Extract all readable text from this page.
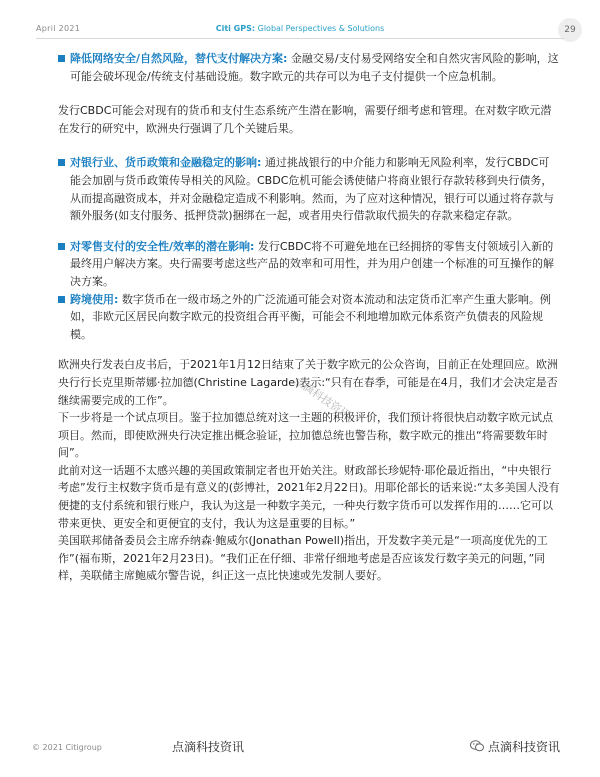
April 2021	Citi GPS: Global Perspectives & Solutions	29
降低网络安全/自然风险，替代支付解决方案: 金融交易/支付易受网络安全和自然灾害风险的影响，这可能会破坏现金/传统支付基础设施。数字欧元的共存可以为电子支付提供一个应急机制。
发行CBDC可能会对现有的货币和支付生态系统产生潜在影响，需要仔细考虑和管理。在对数字欧元潜在发行的研究中，欧洲央行强调了几个关键后果。
对银行业、货币政策和金融稳定的影响: 通过挑战银行的中介能力和影响无风险利率，发行CBDC可能会加剧与货币政策传导相关的风险。CBDC危机可能会诱使储户将商业银行存款转移到央行债务，从而提高融资成本，并对金融稳定造成不利影响。然而，为了应对这种情况，银行可以通过将存款与额外服务(如支付服务、抵押贷款)捆绑在一起，或者用央行借款取代损失的存款来稳定存款。
对零售支付的安全性/效率的潜在影响: 发行CBDC将不可避免地在已经拥挤的零售支付领域引入新的最终用户解决方案。央行需要考虑这些产品的效率和可用性，并为用户创建一个标准的可互操作的解决方案。
跨境使用: 数字货币在一级市场之外的广泛流通可能会对资本流动和法定货币汇率产生重大影响。例如，非欧元区居民向数字欧元的投资组合再平衡，可能会不利地增加欧元体系资产负债表的风险规模。
欧洲央行发表白皮书后，于2021年1月12日结束了关于数字欧元的公众咨询，目前正在处理回应。欧洲央行行长克里斯蒂娜·拉加德(Christine Lagarde)表示:“只有在春季，可能是在4月，我们才会决定是否继续需要完成的工作”。
下一步将是一个试点项目。鉴于拉加德总统对这一主题的积极评价，我们预计将很快启动数字欧元试点项目。然而，即使欧洲央行决定推出概念验证，拉加德总统也警告称，数字欧元的推出“将需要数年时间”。
此前对这一话题不太感兴趣的美国政策制定者也开始关注。财政部长珍妮特·耶伦最近指出，“中央银行考虑”发行主权数字货币是有意义的(彭博社，2021年2月22日)。用耶伦部长的话来说:“太多美国人没有便捷的支付系统和银行账户，我认为这是一种数字美元，一种央行数字货币可以发挥作用的……它可以带来更快、更安全和更便宜的支付，我认为这是重要的目标。”
美国联邦储备委员会主席乔纳森·鲍威尔(Jonathan Powell)指出，开发数字美元是“一项高度优先的工作”(福布斯，2021年2月23日)。“我们正在仔细、非常仔细地考虑是否应该发行数字美元的问题，”同样，美联储主席鲍威尔警告说，纠正这一点比快速或先发制人要好。
点滴科技资讯
© 2021 Citigroup	点滴科技资讯	点滴科技资讯
